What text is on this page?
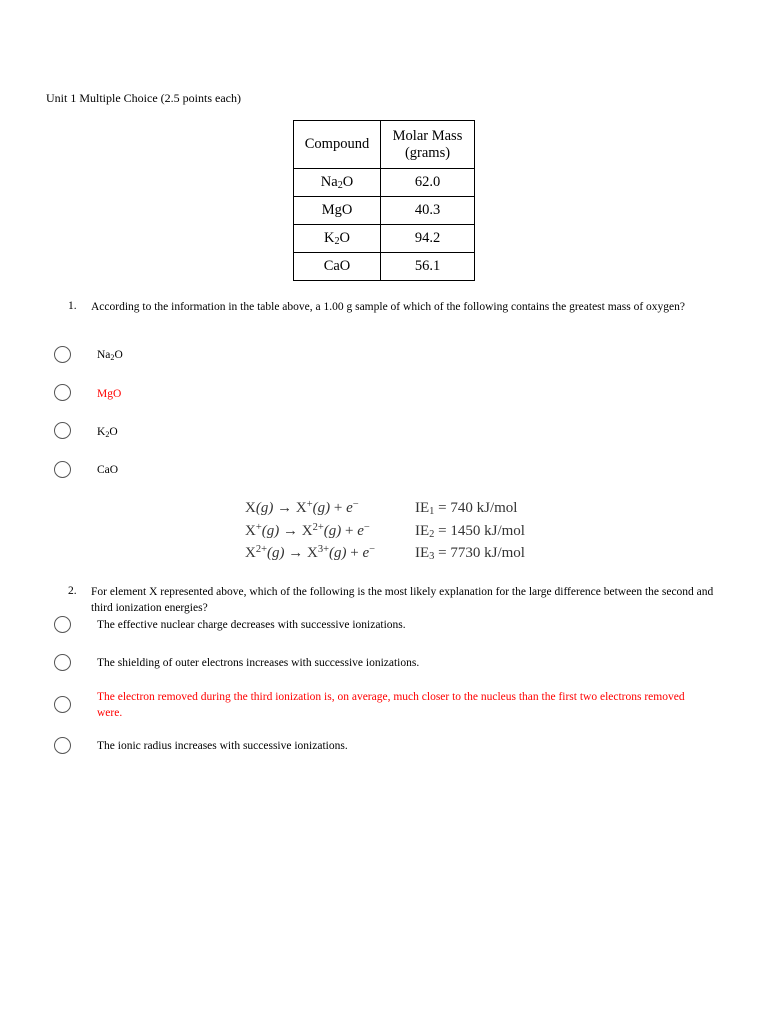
Unit 1 Multiple Choice (2.5 points each)
Compound	Molar Mass
(grams)
$Na_2O$	62.0
MgO	40.3
$K_2O$	94.2
CaO	56.1
1. According to the information in the table above, a 1.00 g sample of which of the following contains the greatest mass of oxygen?
$Na_2O$
MgO
$K_2O$
CaO
X(g) → X+(g) + e−	$IE_1 = 740$ kJ/mol
$X^+(g) \to X^{2+}(g) + e^-$	$IE_2 = 1450$ kJ/mol
$X^{2+}(g) \to X^{3+}(g) + e^-$	$IE_3 = 7730$ kJ/mol
2. For element X represented above, which of the following is the most likely explanation for the large difference between the second and third ionization energies?
The effective nuclear charge decreases with successive ionizations.
The shielding of outer electrons increases with successive ionizations.
The electron removed during the third ionization is, on average, much closer to the nucleus than the first two electrons removed were.
The ionic radius increases with successive ionizations.
